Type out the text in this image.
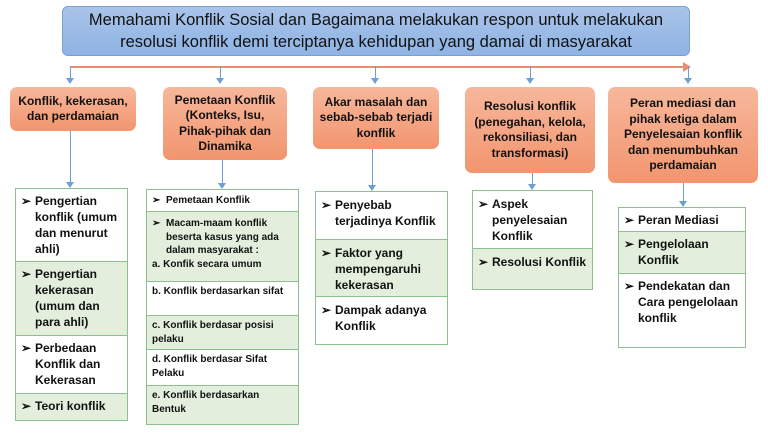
Memahami Konflik Sosial dan Bagaimana melakukan respon untuk melakukan resolusi konflik demi terciptanya kehidupan yang damai di masyarakat
Konflik, kekerasan, dan perdamaian
Pemetaan Konflik (Konteks, Isu, Pihak-pihak dan Dinamika
Akar masalah dan sebab-sebab terjadi konflik
Resolusi konflik (penegahan, kelola, rekonsiliasi, dan transformasi)
Peran mediasi dan pihak ketiga dalam Penyelesaian konflik dan menumbuhkan perdamaian
➢ Pengertian konflik (umum dan menurut ahli)
➢ Pengertian kekerasan (umum dan para ahli)
➢ Perbedaan Konflik dan Kekerasan
➢ Teori konflik
➢ Pemetaan Konflik
➢ Macam-maam konflik beserta kasus yang ada dalam masyarakat :
a. Konfik secara umum
b. Konflik berdasarkan sifat
c. Konflik berdasar posisi pelaku
d. Konflik berdasar Sifat Pelaku
e. Konflik berdasarkan Bentuk
➢ Penyebab terjadinya Konflik
➢ Faktor yang mempengaruhi kekerasan
➢ Dampak adanya Konflik
➢ Aspek penyelesaian Konflik
➢ Resolusi Konflik
➢ Peran Mediasi
➢ Pengelolaan Konflik
➢ Pendekatan dan Cara pengelolaan konflik
